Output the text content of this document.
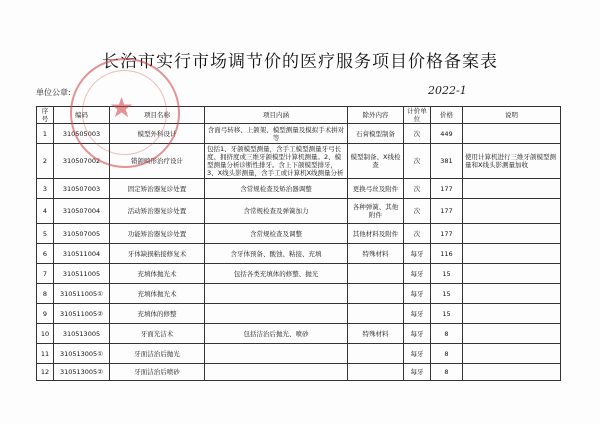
长治市实行市场调节价的医疗服务项目价格备案表
单位公章:	2022-1
序号	编码	项目名称	项目内涵	除外内容	计价单位	价格	说明
1	310505003	模型外科设计	含面弓转移、上颌架、模型测量及模拟手术拼对等	石膏模型制备	次	449	
2	310507002	错颌畸形治疗设计	包括1、牙颌模型测量，含手工模型测量牙弓长度、拥挤度或三维牙颌模型计算机测量。2、模型测量分析诊断性排牙。含上下颌模型排牙，3、X线头影测量，含手工或计算机X线测量分析	模型制备、X线检查	次	381	使用计算机进行三维牙颌模型测量和X线头影测量加收
3	310507003	固定矫治器复诊处置	含常规检查及矫治器调整	更换弓丝及附件	次	177	
4	310507004	活动矫治器复诊处置	含常规检查及弹簧加力	各种弹簧、其他附件	次	177	
5	310507005	功能矫治器复诊处置	含常规检查及调整	其他材料及附件	次	177	
6	310511004	牙体缺损粘接修复术	含牙体预备、酸蚀、粘接、充填	特殊材料	每牙	116	
7	310511005	充填体抛光术	包括各类充填体的修整、抛光		每牙	15	
8	310511005①	充填体抛光术			每牙	15	
9	310511005②	充填体的修整			每牙	15	
10	310513005	牙面光洁术	包括洁治后抛光、喷砂	特殊材料	每牙	8	
11	310513005①	牙面洁治后抛光			每牙	8	
12	310513005②	牙面洁治后喷砂			每牙	8	
★
